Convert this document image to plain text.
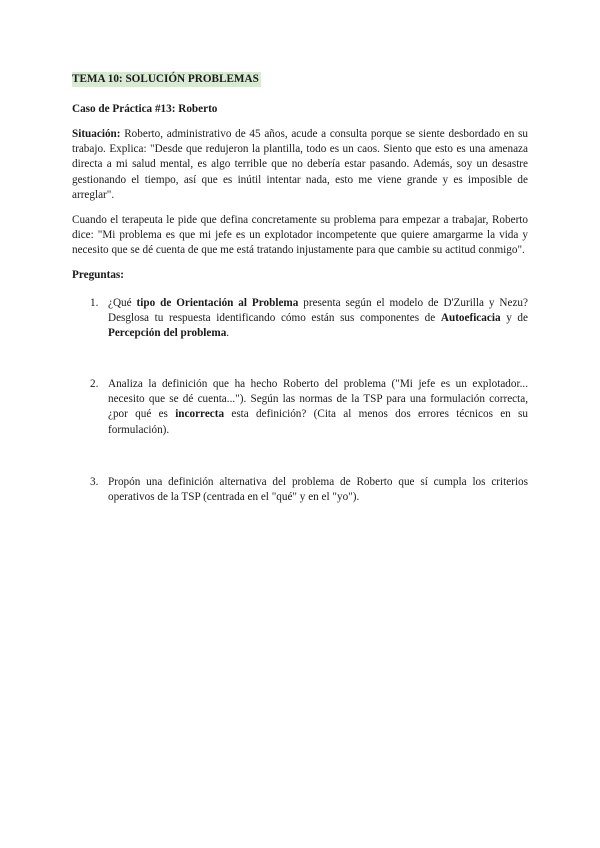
TEMA 10: SOLUCIÓN PROBLEMAS
Caso de Práctica #13: Roberto
Situación: Roberto, administrativo de 45 años, acude a consulta porque se siente desbordado en su trabajo. Explica: "Desde que redujeron la plantilla, todo es un caos. Siento que esto es una amenaza directa a mi salud mental, es algo terrible que no debería estar pasando. Además, soy un desastre gestionando el tiempo, así que es inútil intentar nada, esto me viene grande y es imposible de arreglar".
Cuando el terapeuta le pide que defina concretamente su problema para empezar a trabajar, Roberto dice: "Mi problema es que mi jefe es un explotador incompetente que quiere amargarme la vida y necesito que se dé cuenta de que me está tratando injustamente para que cambie su actitud conmigo".
Preguntas:
1. ¿Qué tipo de Orientación al Problema presenta según el modelo de D'Zurilla y Nezu? Desglosa tu respuesta identificando cómo están sus componentes de Autoeficacia y de Percepción del problema.
2. Analiza la definición que ha hecho Roberto del problema ("Mi jefe es un explotador... necesito que se dé cuenta..."). Según las normas de la TSP para una formulación correcta, ¿por qué es incorrecta esta definición? (Cita al menos dos errores técnicos en su formulación).
3. Propón una definición alternativa del problema de Roberto que sí cumpla los criterios operativos de la TSP (centrada en el "qué" y en el "yo").
